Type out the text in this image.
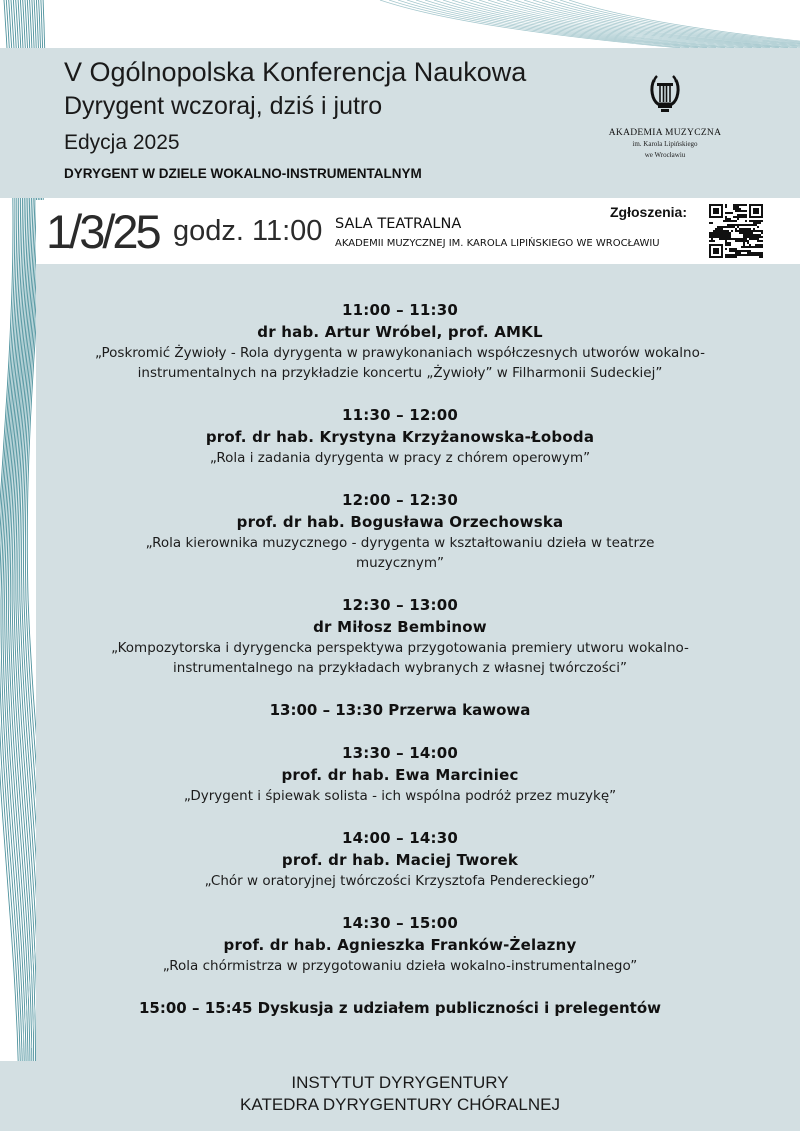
V Ogólnopolska Konferencja Naukowa
Dyrygent wczoraj, dziś i jutro
Edycja 2025
DYRYGENT W DZIELE WOKALNO-INSTRUMENTALNYM
AKADEMIA MUZYCZNA
im. Karola Lipińskiego
we Wrocławiu
1/3/25 godz. 11:00 SALA TEATRALNA
AKADEMII MUZYCZNEJ IM. KAROLA LIPIŃSKIEGO WE WROCŁAWIU
Zgłoszenia:
11:00 – 11:30
dr hab. Artur Wróbel, prof. AMKL
„Poskromić Żywioły - Rola dyrygenta w prawykonaniach współczesnych utworów wokalno-instrumentalnych na przykładzie koncertu „Żywioły” w Filharmonii Sudeckiej”
11:30 – 12:00
prof. dr hab. Krystyna Krzyżanowska-Łoboda
„Rola i zadania dyrygenta w pracy z chórem operowym”
12:00 – 12:30
prof. dr hab. Bogusława Orzechowska
„Rola kierownika muzycznego - dyrygenta w kształtowaniu dzieła w teatrze muzycznym”
12:30 – 13:00
dr Miłosz Bembinow
„Kompozytorska i dyrygencka perspektywa przygotowania premiery utworu wokalno-instrumentalnego na przykładach wybranych z własnej twórczości”
13:00 – 13:30 Przerwa kawowa
13:30 – 14:00
prof. dr hab. Ewa Marciniec
„Dyrygent i śpiewak solista - ich wspólna podróż przez muzykę”
14:00 – 14:30
prof. dr hab. Maciej Tworek
„Chór w oratoryjnej twórczości Krzysztofa Pendereckiego”
14:30 – 15:00
prof. dr hab. Agnieszka Franków-Żelazny
„Rola chórmistrza w przygotowaniu dzieła wokalno-instrumentalnego”
15:00 – 15:45 Dyskusja z udziałem publiczności i prelegentów
INSTYTUT DYRYGENTURY
KATEDRA DYRYGENTURY CHÓRALNEJ
